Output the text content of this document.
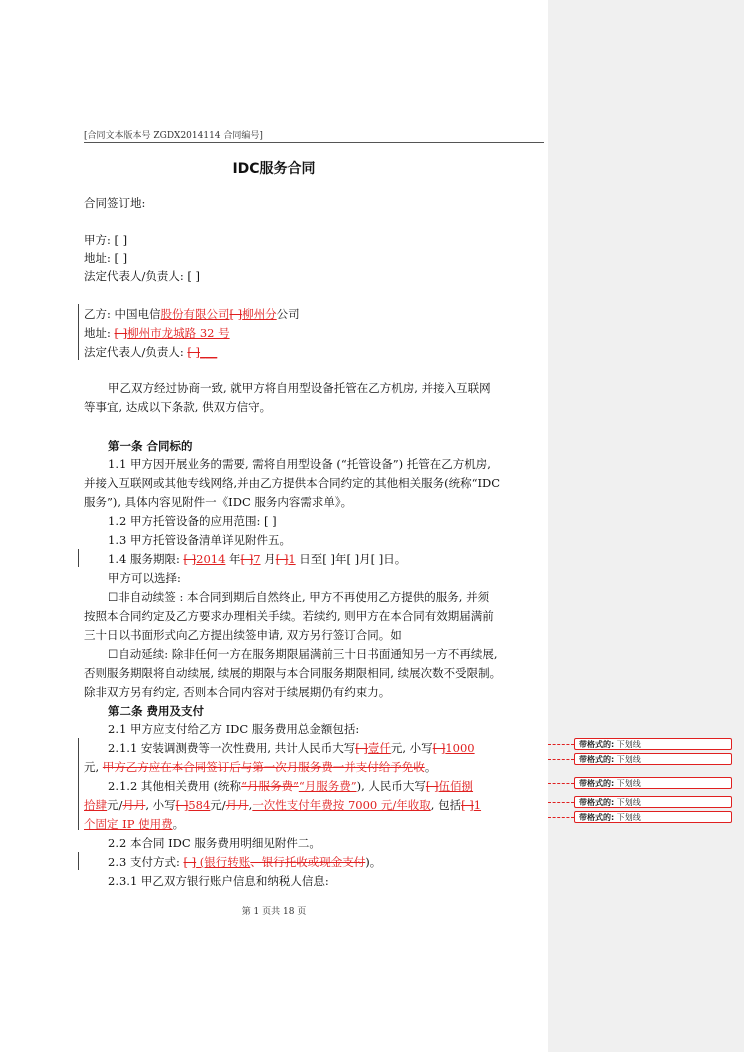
[合同文本版本号 ZGDX2014114 合同编号]
IDC服务合同
合同签订地:
甲方: [ ]
地址: [ ]
法定代表人/负责人: [ ]
乙方: 中国电信股份有限公司[ ]柳州分公司
地址: [ ]柳州市龙城路 32 号
法定代表人/负责人: [ ]___
甲乙双方经过协商一致, 就甲方将自用型设备托管在乙方机房, 并接入互联网
等事宜, 达成以下条款, 供双方信守。
第一条 合同标的
1.1 甲方因开展业务的需要, 需将自用型设备 (“托管设备”) 托管在乙方机房,
并接入互联网或其他专线网络,并由乙方提供本合同约定的其他相关服务(统称“IDC
服务”), 具体内容见附件一《IDC 服务内容需求单》。
1.2 甲方托管设备的应用范围: [ ]
1.3 甲方托管设备清单详见附件五。
1.4 服务期限: [ ]2014 年[ ]7 月[ ]1 日至[ ]年[ ]月[ ]日。
甲方可以选择:
☐非自动续签 : 本合同到期后自然终止, 甲方不再使用乙方提供的服务, 并须
按照本合同约定及乙方要求办理相关手续。若续约, 则甲方在本合同有效期届满前
三十日以书面形式向乙方提出续签申请, 双方另行签订合同。如
☐自动延续: 除非任何一方在服务期限届满前三十日书面通知另一方不再续展,
否则服务期限将自动续展, 续展的期限与本合同服务期限相同, 续展次数不受限制。
除非双方另有约定, 否则本合同内容对于续展期仍有约束力。
第二条 费用及支付
2.1 甲方应支付给乙方 IDC 服务费用总金额包括:
2.1.1 安装调测费等一次性费用, 共计人民币大写[ ]壹仟元, 小写[ ]1000
元, 甲方乙方应在本合同签订后与第一次月服务费一并支付给予免收。
2.1.2 其他相关费用 (统称“月服务费”“月服务费”), 人民币大写[ ]伍佰捌
拾肆元/月月, 小写[ ]584元/月月,一次性支付年费按 7000 元/年收取, 包括[ ]1
个固定 IP 使用费。
2.2 本合同 IDC 服务费用明细见附件二。
2.3 支付方式: [ ] (银行转账、银行托收或现金支付)。
2.3.1 甲乙双方银行账户信息和纳税人信息:
第 1 页共 18 页
带格式的: 下划线
带格式的: 下划线
带格式的: 下划线
带格式的: 下划线
带格式的: 下划线
